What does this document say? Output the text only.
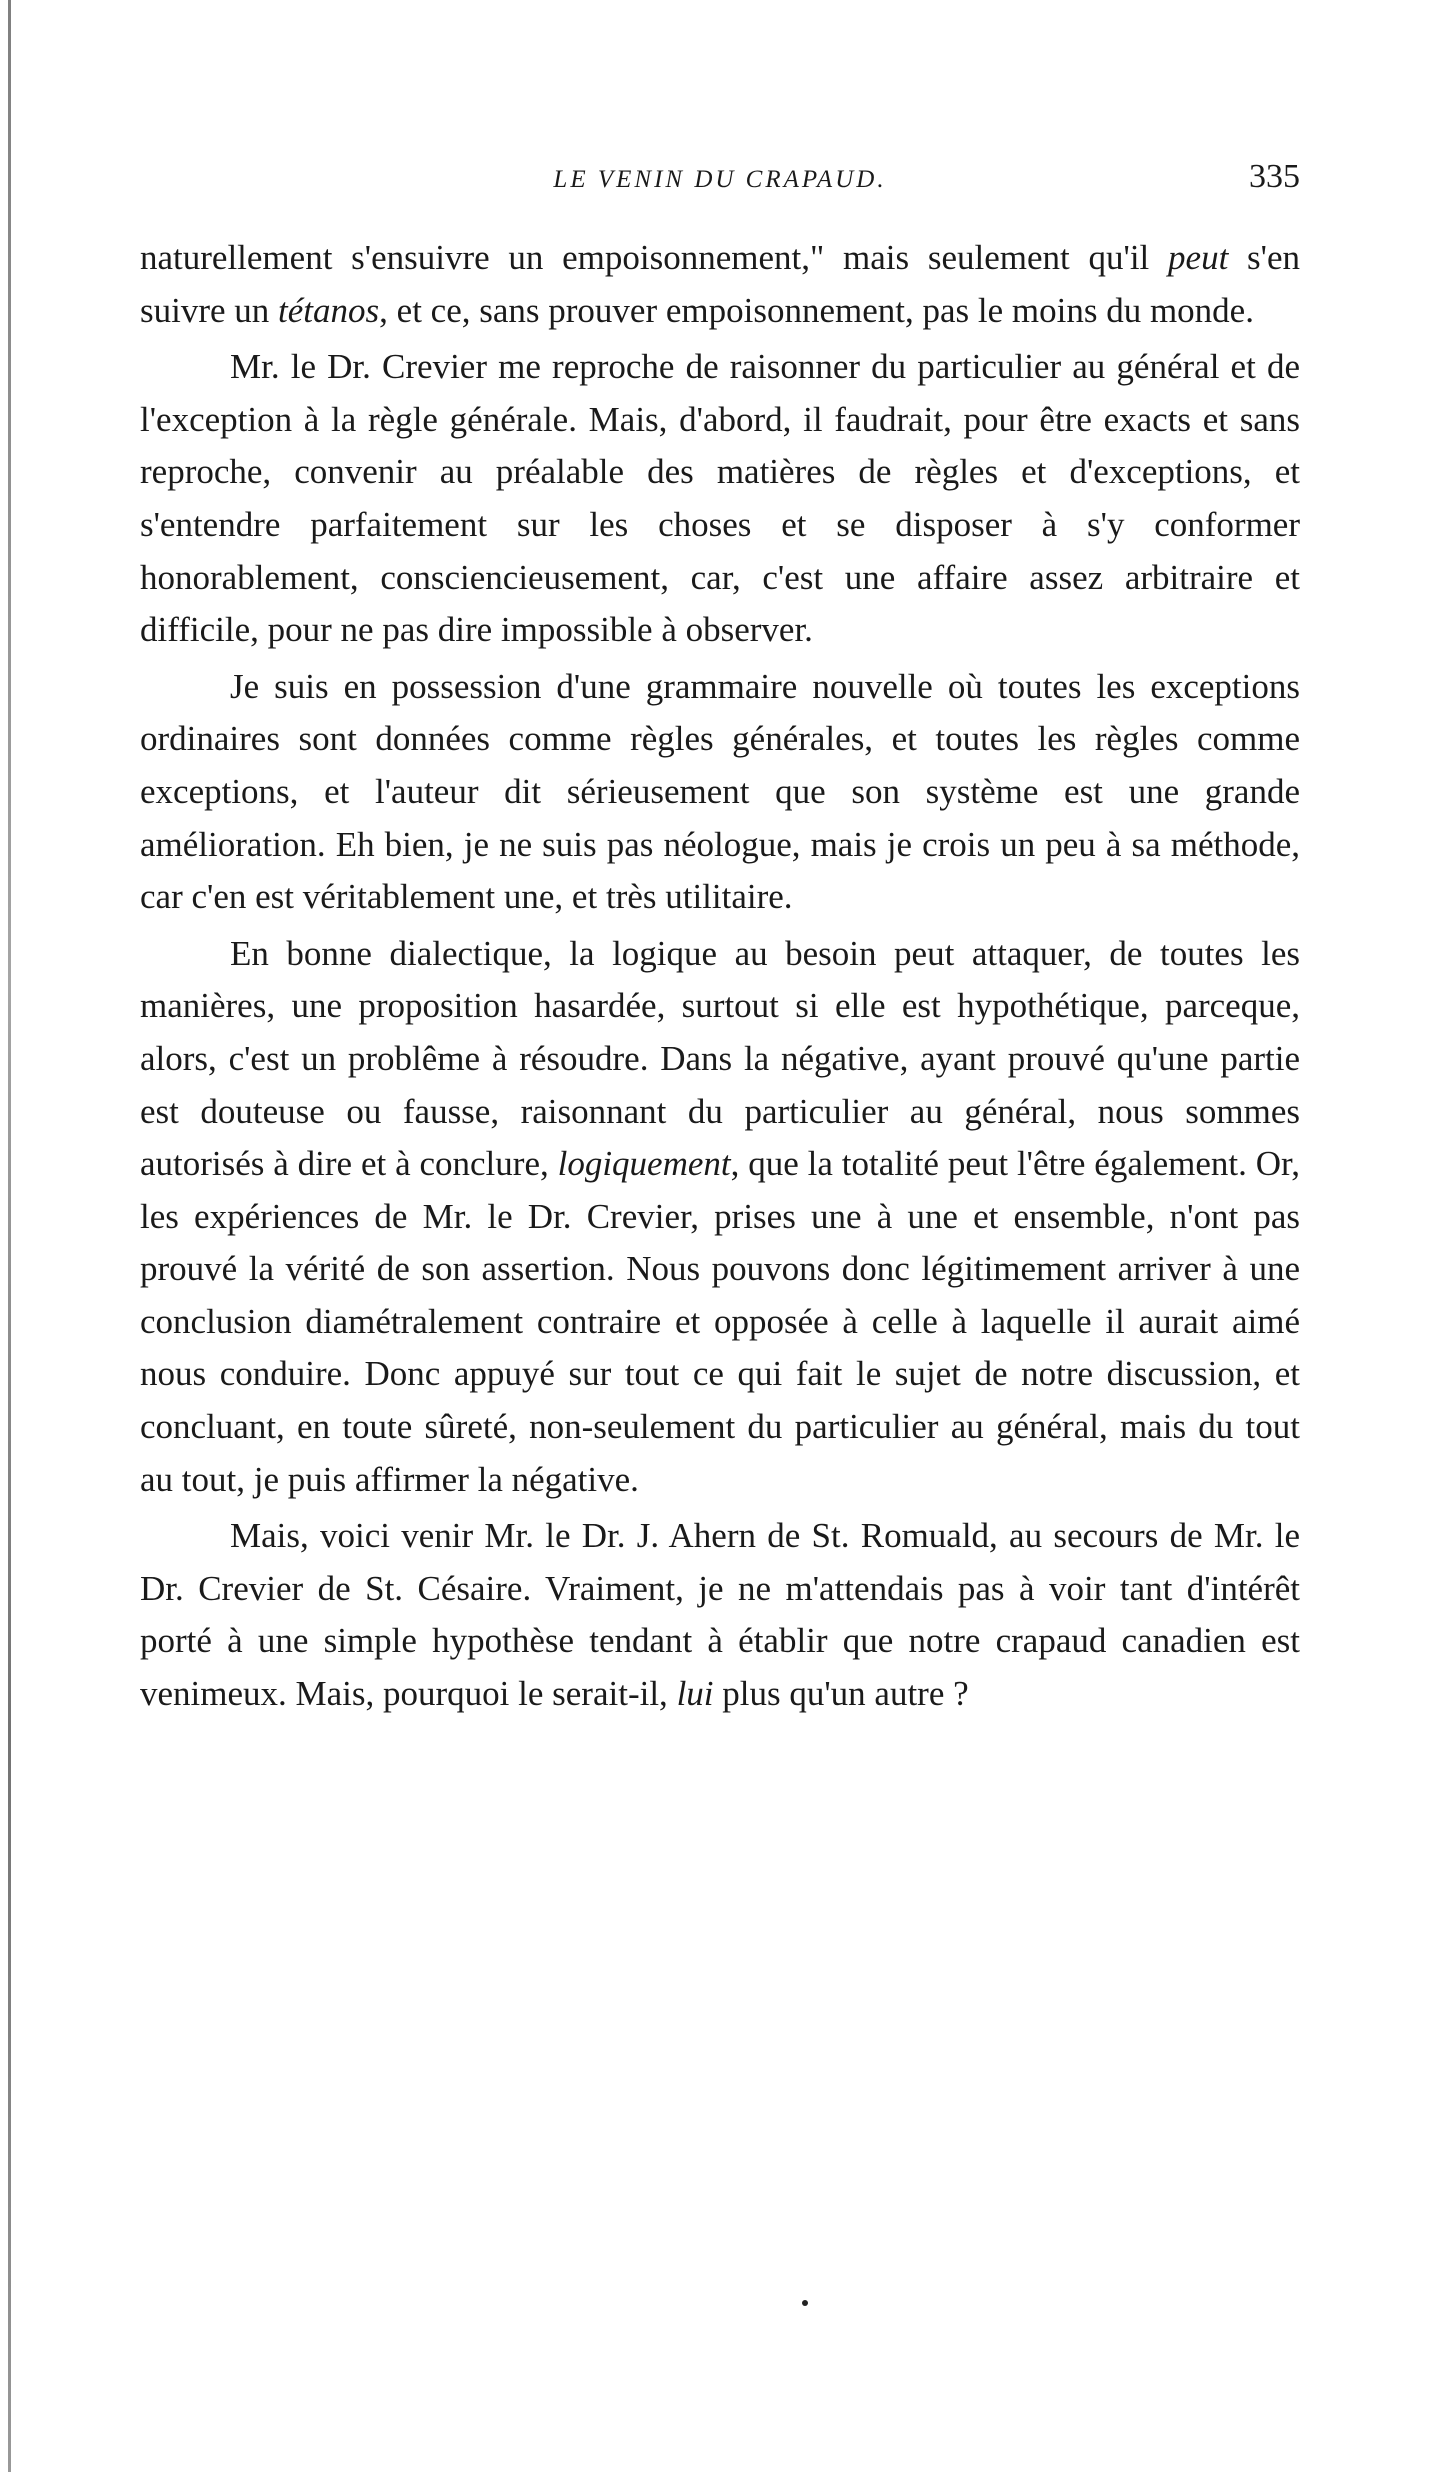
LE VENIN DU CRAPAUD.	335

naturellement s'ensuivre un empoisonnement," mais seulement qu'il peut s'en suivre un tétanos, et ce, sans prouver empoisonnement, pas le moins du monde.

Mr. le Dr. Crevier me reproche de raisonner du particulier au général et de l'exception à la règle générale. Mais, d'abord, il faudrait, pour être exacts et sans reproche, convenir au préalable des matières de règles et d'exceptions, et s'entendre parfaitement sur les choses et se disposer à s'y conformer honorablement, consciencieusement, car, c'est une affaire assez arbitraire et difficile, pour ne pas dire impossible à observer.

Je suis en possession d'une grammaire nouvelle où toutes les exceptions ordinaires sont données comme règles générales, et toutes les règles comme exceptions, et l'auteur dit sérieusement que son système est une grande amélioration. Eh bien, je ne suis pas néologue, mais je crois un peu à sa méthode, car c'en est véritablement une, et très utilitaire.

En bonne dialectique, la logique au besoin peut attaquer, de toutes les manières, une proposition hasardée, surtout si elle est hypothétique, parceque, alors, c'est un problême à résoudre. Dans la négative, ayant prouvé qu'une partie est douteuse ou fausse, raisonnant du particulier au général, nous sommes autorisés à dire et à conclure, logiquement, que la totalité peut l'être également. Or, les expériences de Mr. le Dr. Crevier, prises une à une et ensemble, n'ont pas prouvé la vérité de son assertion. Nous pouvons donc légitimement arriver à une conclusion diamétralement contraire et opposée à celle à laquelle il aurait aimé nous conduire. Donc appuyé sur tout ce qui fait le sujet de notre discussion, et concluant, en toute sûreté, non-seulement du particulier au général, mais du tout au tout, je puis affirmer la négative.

Mais, voici venir Mr. le Dr. J. Ahern de St. Romuald, au secours de Mr. le Dr. Crevier de St. Césaire. Vraiment, je ne m'attendais pas à voir tant d'intérêt porté à une simple hypothèse tendant à établir que notre crapaud canadien est venimeux. Mais, pourquoi le serait-il, lui plus qu'un autre ?
